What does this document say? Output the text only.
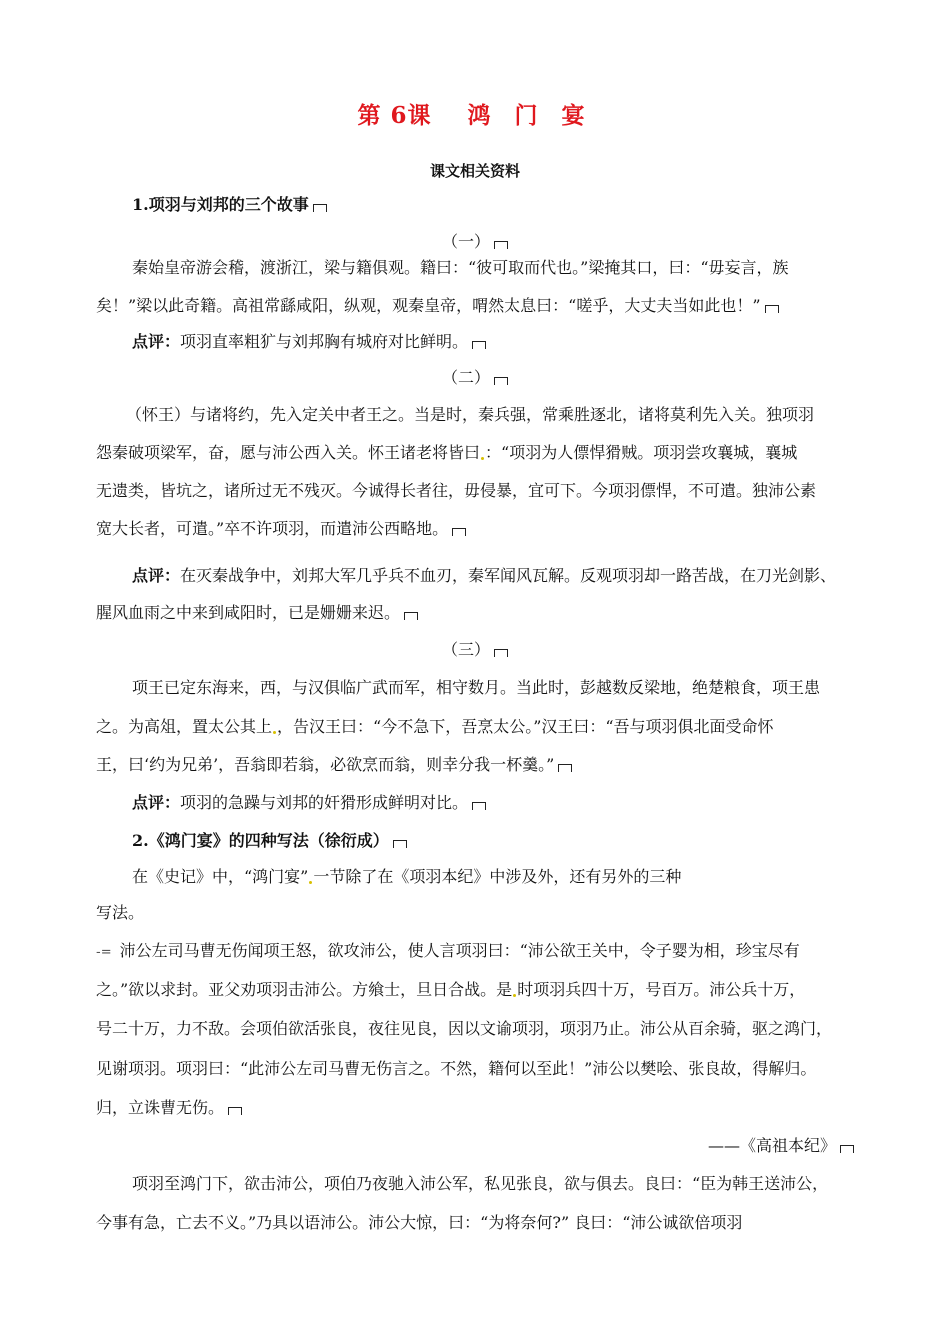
第 6课 鸿 门 宴
课文相关资料
1.项羽与刘邦的三个故事
（一）
秦始皇帝游会稽，渡浙江，梁与籍俱观。籍曰：“彼可取而代也。”梁掩其口，曰：“毋妄言，族
矣！”梁以此奇籍。高祖常繇咸阳，纵观，观秦皇帝，喟然太息曰：“嗟乎，大丈夫当如此也！”
点评：项羽直率粗犷与刘邦胸有城府对比鲜明。
（二）
（怀王）与诸将约，先入定关中者王之。当是时，秦兵强，常乘胜逐北，诸将莫利先入关。独项羽
怨秦破项梁军，奋，愿与沛公西入关。怀王诸老将皆曰 ：“项羽为人僄悍猾贼。项羽尝攻襄城，襄城
无遗类，皆坑之，诸所过无不残灭。今诚得长者往，毋侵暴，宜可下。今项羽僄悍，不可遣。独沛公素
宽大长者，可遣。”卒不许项羽，而遣沛公西略地。
点评：在灭秦战争中，刘邦大军几乎兵不血刃，秦军闻风瓦解。反观项羽却一路苦战，在刀光剑影、
腥风血雨之中来到咸阳时，已是姗姗来迟。
（三）
项王已定东海来，西，与汉俱临广武而军，相守数月。当此时，彭越数反梁地，绝楚粮食，项王患
之。为高俎，置太公其上 ，告汉王曰：“今不急下，吾烹太公。”汉王曰：“吾与项羽俱北面受命怀
王，曰‘约为兄弟’，吾翁即若翁，必欲烹而翁，则幸分我一杯羹。”
点评：项羽的急躁与刘邦的奸猾形成鲜明对比。
2.《鸿门宴》的四种写法（徐衍成）
在《史记》中，“鸿门宴” 一节除了在《项羽本纪》中涉及外，还有另外的三种
写法。
-= 沛公左司马曹无伤闻项王怒，欲攻沛公，使人言项羽曰：“沛公欲王关中，令子婴为相，珍宝尽有
之。”欲以求封。亚父劝项羽击沛公。方飨士，旦日合战。是 时项羽兵四十万，号百万。沛公兵十万，
号二十万，力不敌。会项伯欲活张良，夜往见良，因以文谕项羽，项羽乃止。沛公从百余骑，驱之鸿门，
见谢项羽。项羽曰：“此沛公左司马曹无伤言之。不然，籍何以至此！”沛公以樊哙、张良故，得解归。
归，立诛曹无伤。
——《高祖本纪》
项羽至鸿门下，欲击沛公，项伯乃夜驰入沛公军，私见张良，欲与俱去。良曰：“臣为韩王送沛公，
今事有急，亡去不义。”乃具以语沛公。沛公大惊，曰：“为将奈何?” 良曰：“沛公诚欲倍项羽
